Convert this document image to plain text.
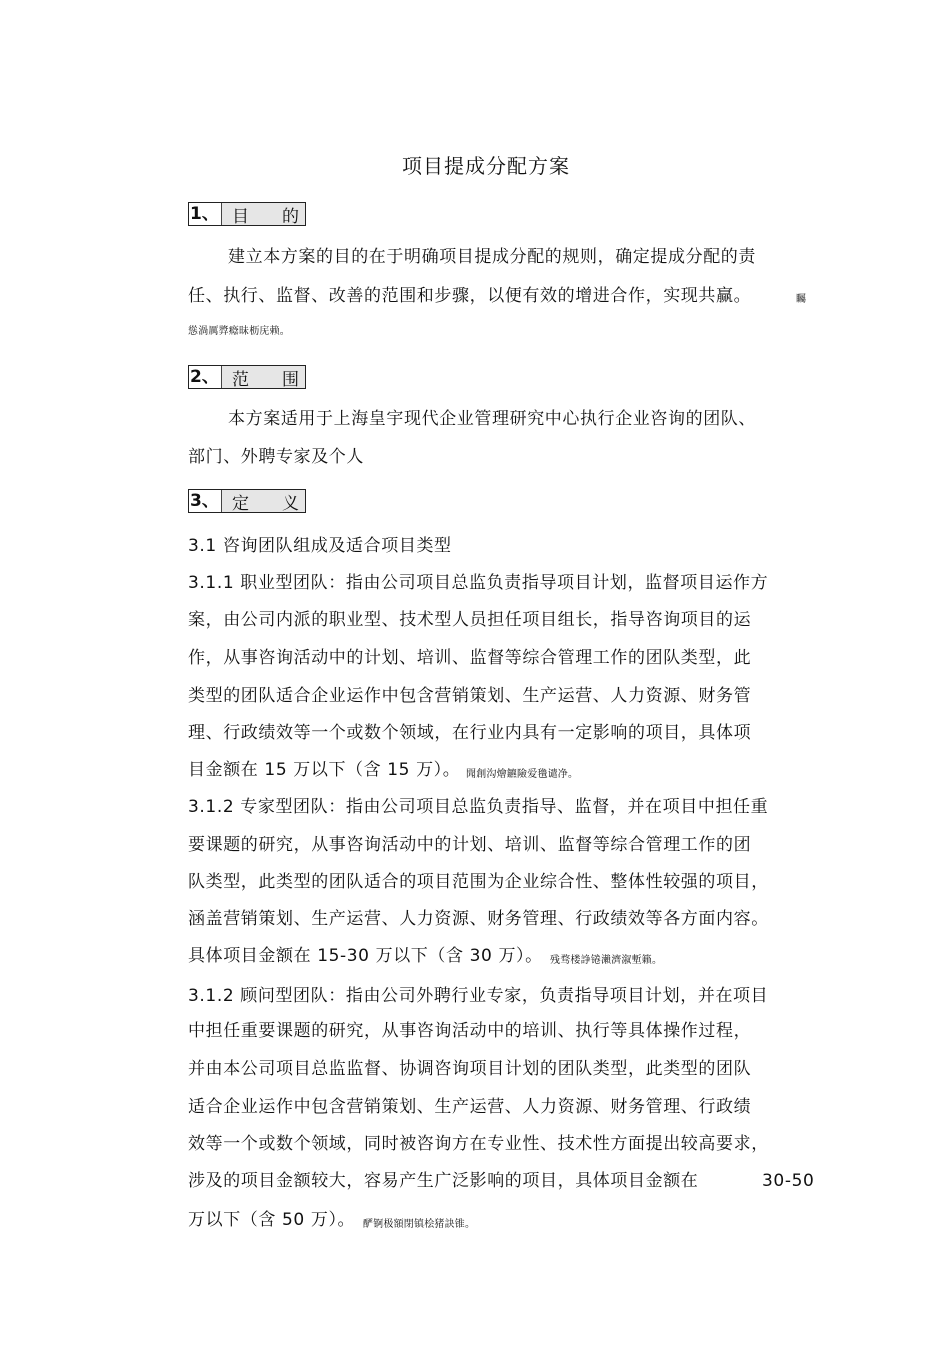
项目提成分配方案
1、 目 的
建立本方案的目的在于明确项目提成分配的规则，确定提成分配的责
任、执行、监督、改善的范围和步骤，以便有效的增进合作，实现共赢。	矚
慫渦厲㢡癊昧枥庑赖。
2、 范 围
本方案适用于上海皇宇现代企业管理研究中心执行企业咨询的团队、
部门、外聘专家及个人
3、 定 义
3.1 咨询团队组成及适合项目类型
3.1.1 职业型团队：指由公司项目总监负责指导项目计划，监督项目运作方
案，由公司内派的职业型、技术型人员担任项目组长，指导咨询项目的运
作，从事咨询活动中的计划、培训、监督等综合管理工作的团队类型，此
类型的团队适合企业运作中包含营销策划、生产运营、人力资源、财务管
理、行政绩效等一个或数个领域，在行业内具有一定影响的项目，具体项
目金额在 15 万以下（含 15 万）。 聞創沟燴鑣險爱氇谴净。
3.1.2 专家型团队：指由公司项目总监负责指导、监督，并在项目中担任重
要课题的研究，从事咨询活动中的计划、培训、监督等综合管理工作的团
队类型，此类型的团队适合的项目范围为企业综合性、整体性较强的项目，
涵盖营销策划、生产运营、人力资源、财务管理、行政绩效等各方面内容。
具体项目金额在 15-30 万以下（含 30 万）。 残骛楼諍锩瀨濟溆塹籟。
3.1.2 顾问型团队：指由公司外聘行业专家，负责指导项目计划，并在项目
中担任重要课题的研究，从事咨询活动中的培训、执行等具体操作过程，
并由本公司项目总监监督、协调咨询项目计划的团队类型，此类型的团队
适合企业运作中包含营销策划、生产运营、人力资源、财务管理、行政绩
效等一个或数个领域，同时被咨询方在专业性、技术性方面提出较高要求，
涉及的项目金额较大，容易产生广泛影响的项目，具体项目金额在	30-50
万以下（含 50 万）。 酽锕极額閉镇桧猪訣锥。
